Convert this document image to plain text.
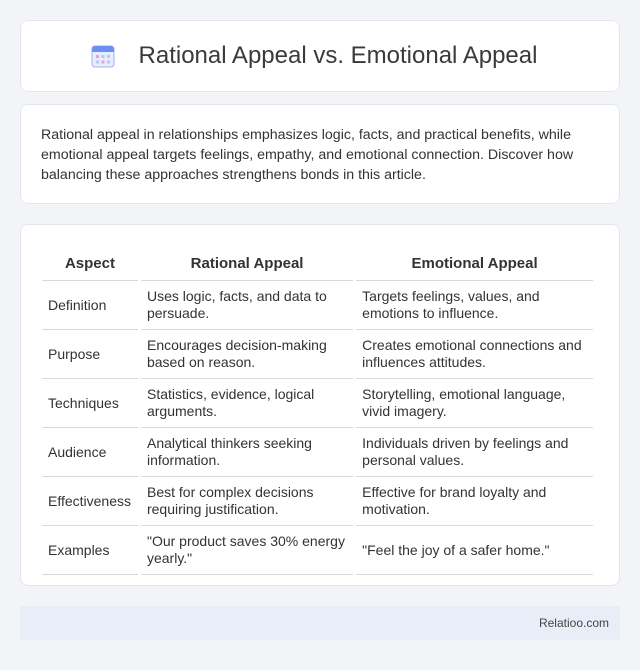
Rational Appeal vs. Emotional Appeal

Rational appeal in relationships emphasizes logic, facts, and practical benefits, while emotional appeal targets feelings, empathy, and emotional connection. Discover how balancing these approaches strengthens bonds in this article.

Aspect	Rational Appeal	Emotional Appeal
Definition	Uses logic, facts, and data to persuade.	Targets feelings, values, and emotions to influence.
Purpose	Encourages decision-making based on reason.	Creates emotional connections and influences attitudes.
Techniques	Statistics, evidence, logical arguments.	Storytelling, emotional language, vivid imagery.
Audience	Analytical thinkers seeking information.	Individuals driven by feelings and personal values.
Effectiveness	Best for complex decisions requiring justification.	Effective for brand loyalty and motivation.
Examples	"Our product saves 30% energy yearly."	"Feel the joy of a safer home."
Relatioo.com
